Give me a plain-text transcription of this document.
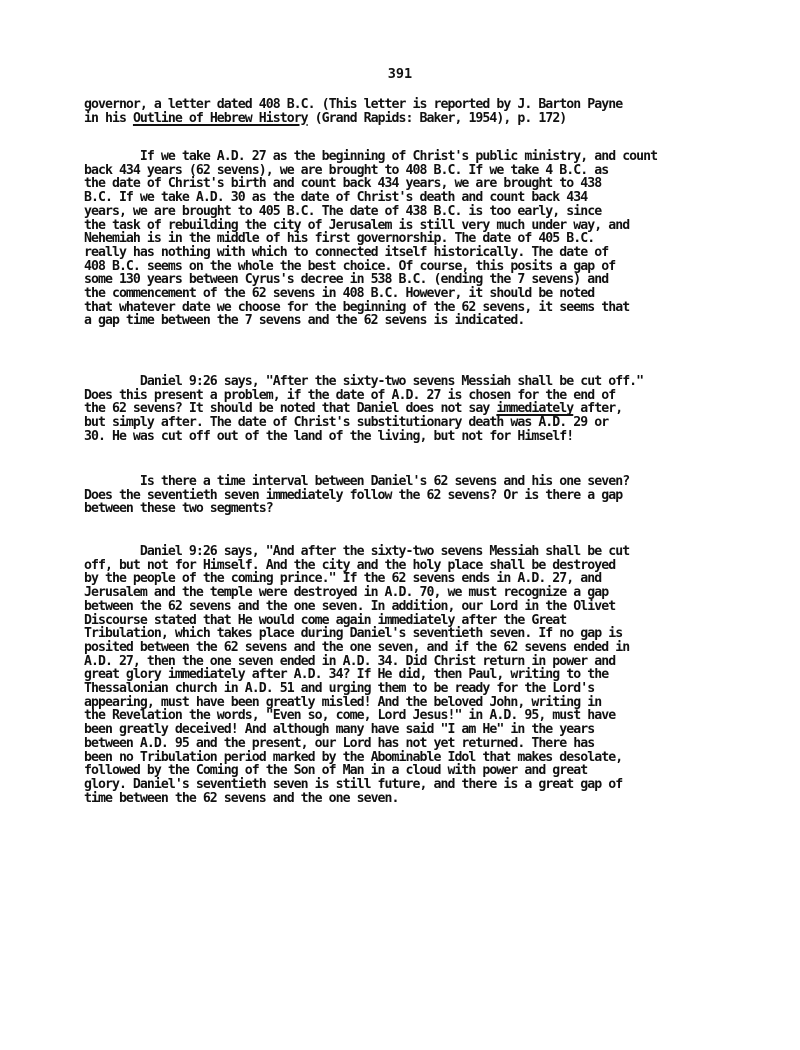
391

governor, a letter dated 408 B.C. (This letter is reported by J. Barton Payne
in his Outline of Hebrew History (Grand Rapids: Baker, 1954), p. 172)

If we take A.D. 27 as the beginning of Christ's public ministry, and count
back 434 years (62 sevens), we are brought to 408 B.C. If we take 4 B.C. as
the date of Christ's birth and count back 434 years, we are brought to 438
B.C. If we take A.D. 30 as the date of Christ's death and count back 434
years, we are brought to 405 B.C. The date of 438 B.C. is too early, since
the task of rebuilding the city of Jerusalem is still very much under way, and
Nehemiah is in the middle of his first governorship. The date of 405 B.C.
really has nothing with which to connected itself historically. The date of
408 B.C. seems on the whole the best choice. Of course, this posits a gap of
some 130 years between Cyrus's decree in 538 B.C. (ending the 7 sevens) and
the commencement of the 62 sevens in 408 B.C. However, it should be noted
that whatever date we choose for the beginning of the 62 sevens, it seems that
a gap time between the 7 sevens and the 62 sevens is indicated.

Daniel 9:26 says, "After the sixty-two sevens Messiah shall be cut off."
Does this present a problem, if the date of A.D. 27 is chosen for the end of
the 62 sevens? It should be noted that Daniel does not say immediately after,
but simply after. The date of Christ's substitutionary death was A.D. 29 or
30. He was cut off out of the land of the living, but not for Himself!

Is there a time interval between Daniel's 62 sevens and his one seven?
Does the seventieth seven immediately follow the 62 sevens? Or is there a gap
between these two segments?

Daniel 9:26 says, "And after the sixty-two sevens Messiah shall be cut
off, but not for Himself. And the city and the holy place shall be destroyed
by the people of the coming prince." If the 62 sevens ends in A.D. 27, and
Jerusalem and the temple were destroyed in A.D. 70, we must recognize a gap
between the 62 sevens and the one seven. In addition, our Lord in the Olivet
Discourse stated that He would come again immediately after the Great
Tribulation, which takes place during Daniel's seventieth seven. If no gap is
posited between the 62 sevens and the one seven, and if the 62 sevens ended in
A.D. 27, then the one seven ended in A.D. 34. Did Christ return in power and
great glory immediately after A.D. 34? If He did, then Paul, writing to the
Thessalonian church in A.D. 51 and urging them to be ready for the Lord's
appearing, must have been greatly misled! And the beloved John, writing in
the Revelation the words, "Even so, come, Lord Jesus!" in A.D. 95, must have
been greatly deceived! And although many have said "I am He" in the years
between A.D. 95 and the present, our Lord has not yet returned. There has
been no Tribulation period marked by the Abominable Idol that makes desolate,
followed by the Coming of the Son of Man in a cloud with power and great
glory. Daniel's seventieth seven is still future, and there is a great gap of
time between the 62 sevens and the one seven.
